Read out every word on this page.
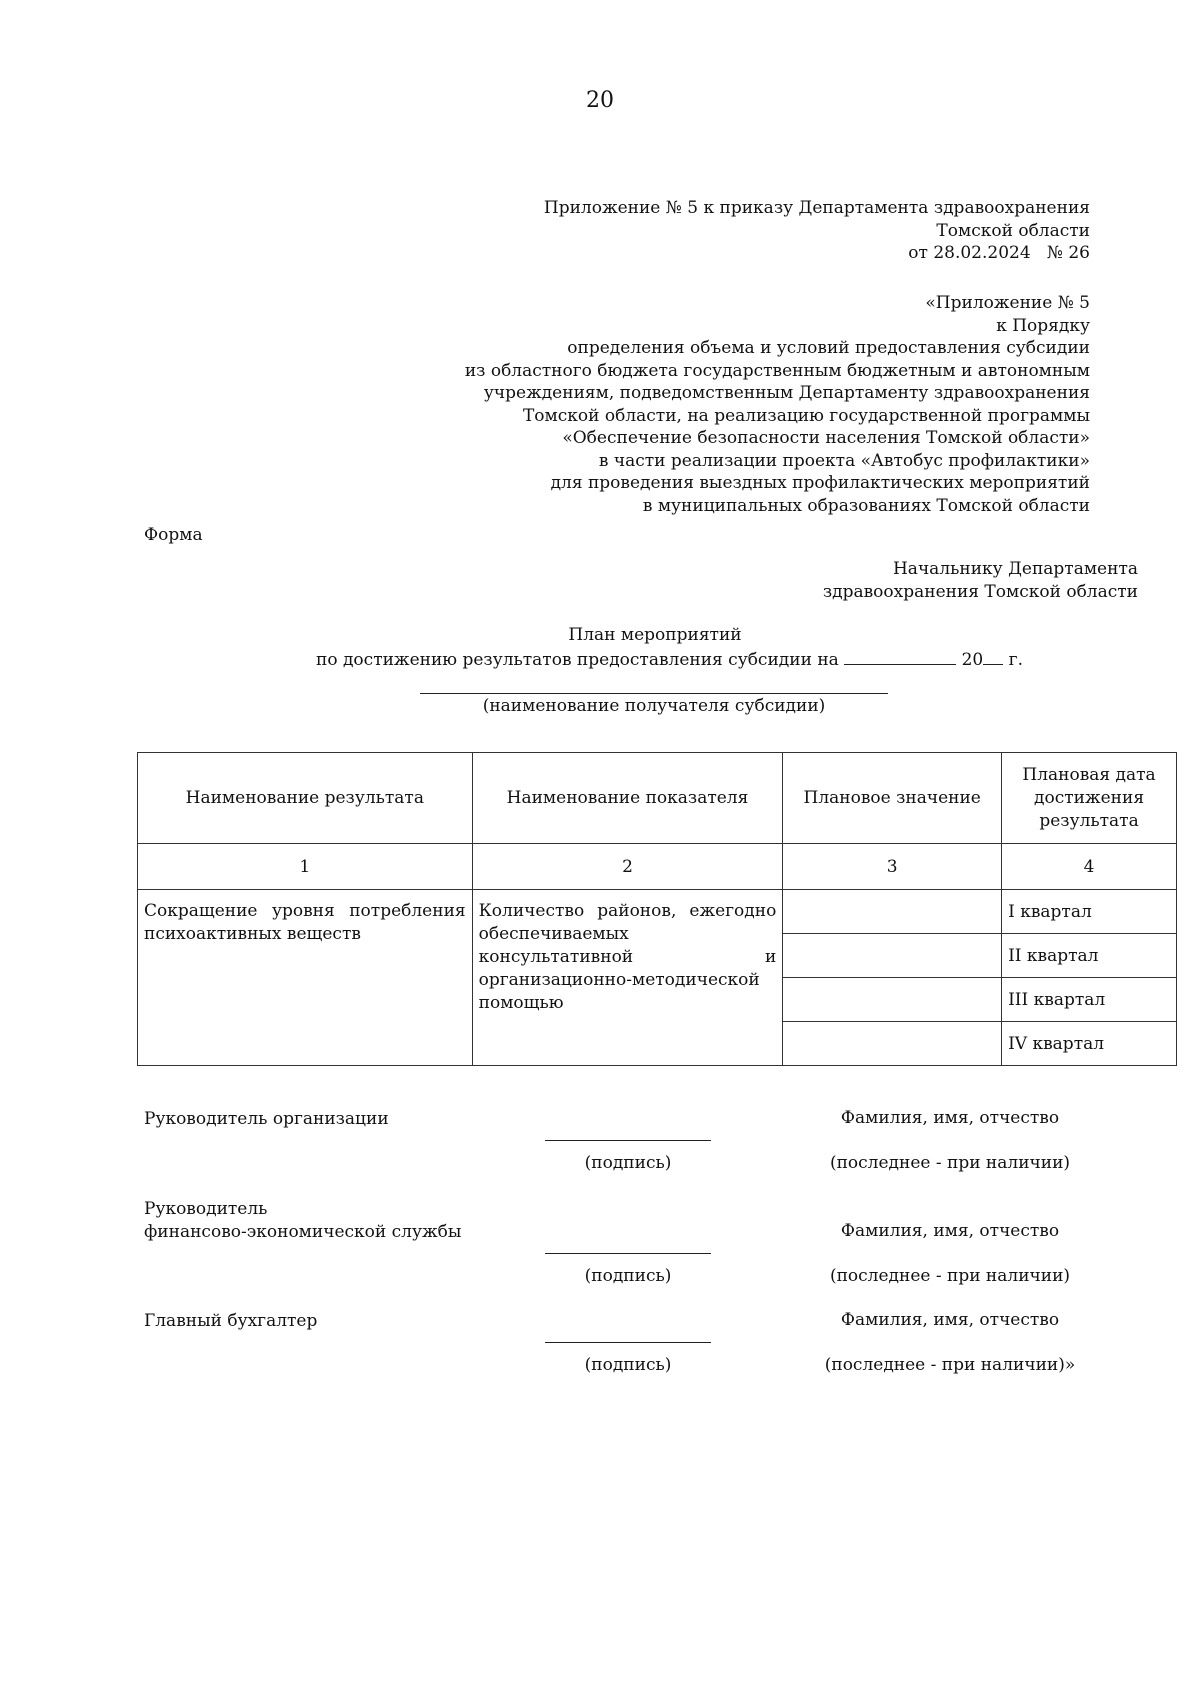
20
Приложение № 5 к приказу Департамента здравоохранения
Томской области
от 28.02.2024   № 26
«Приложение № 5
к Порядку
определения объема и условий предоставления субсидии
из областного бюджета государственным бюджетным и автономным
учреждениям, подведомственным Департаменту здравоохранения
Томской области, на реализацию государственной программы
«Обеспечение безопасности населения Томской области»
в части реализации проекта «Автобус профилактики»
для проведения выездных профилактических мероприятий
в муниципальных образованиях Томской области
Форма
Начальнику Департамента
здравоохранения Томской области
План мероприятий
по достижению результатов предоставления субсидии на	20 г.
(наименование получателя субсидии)
Наименование результата	Наименование показателя	Плановое значение	Плановая дата достижения результата
1	2	3	4
Сокращение уровня потребления психоактивных веществ	Количество районов, ежегодно обеспечиваемых консультативной и организационно-методической помощью		I квартал
			II квартал
			III квартал
			IV квартал
Руководитель организации	Фамилия, имя, отчество
(подпись)	(последнее - при наличии)
Руководитель
финансово-экономической службы	Фамилия, имя, отчество
(подпись)	(последнее - при наличии)
Главный бухгалтер	Фамилия, имя, отчество
(подпись)	(последнее - при наличии)»
